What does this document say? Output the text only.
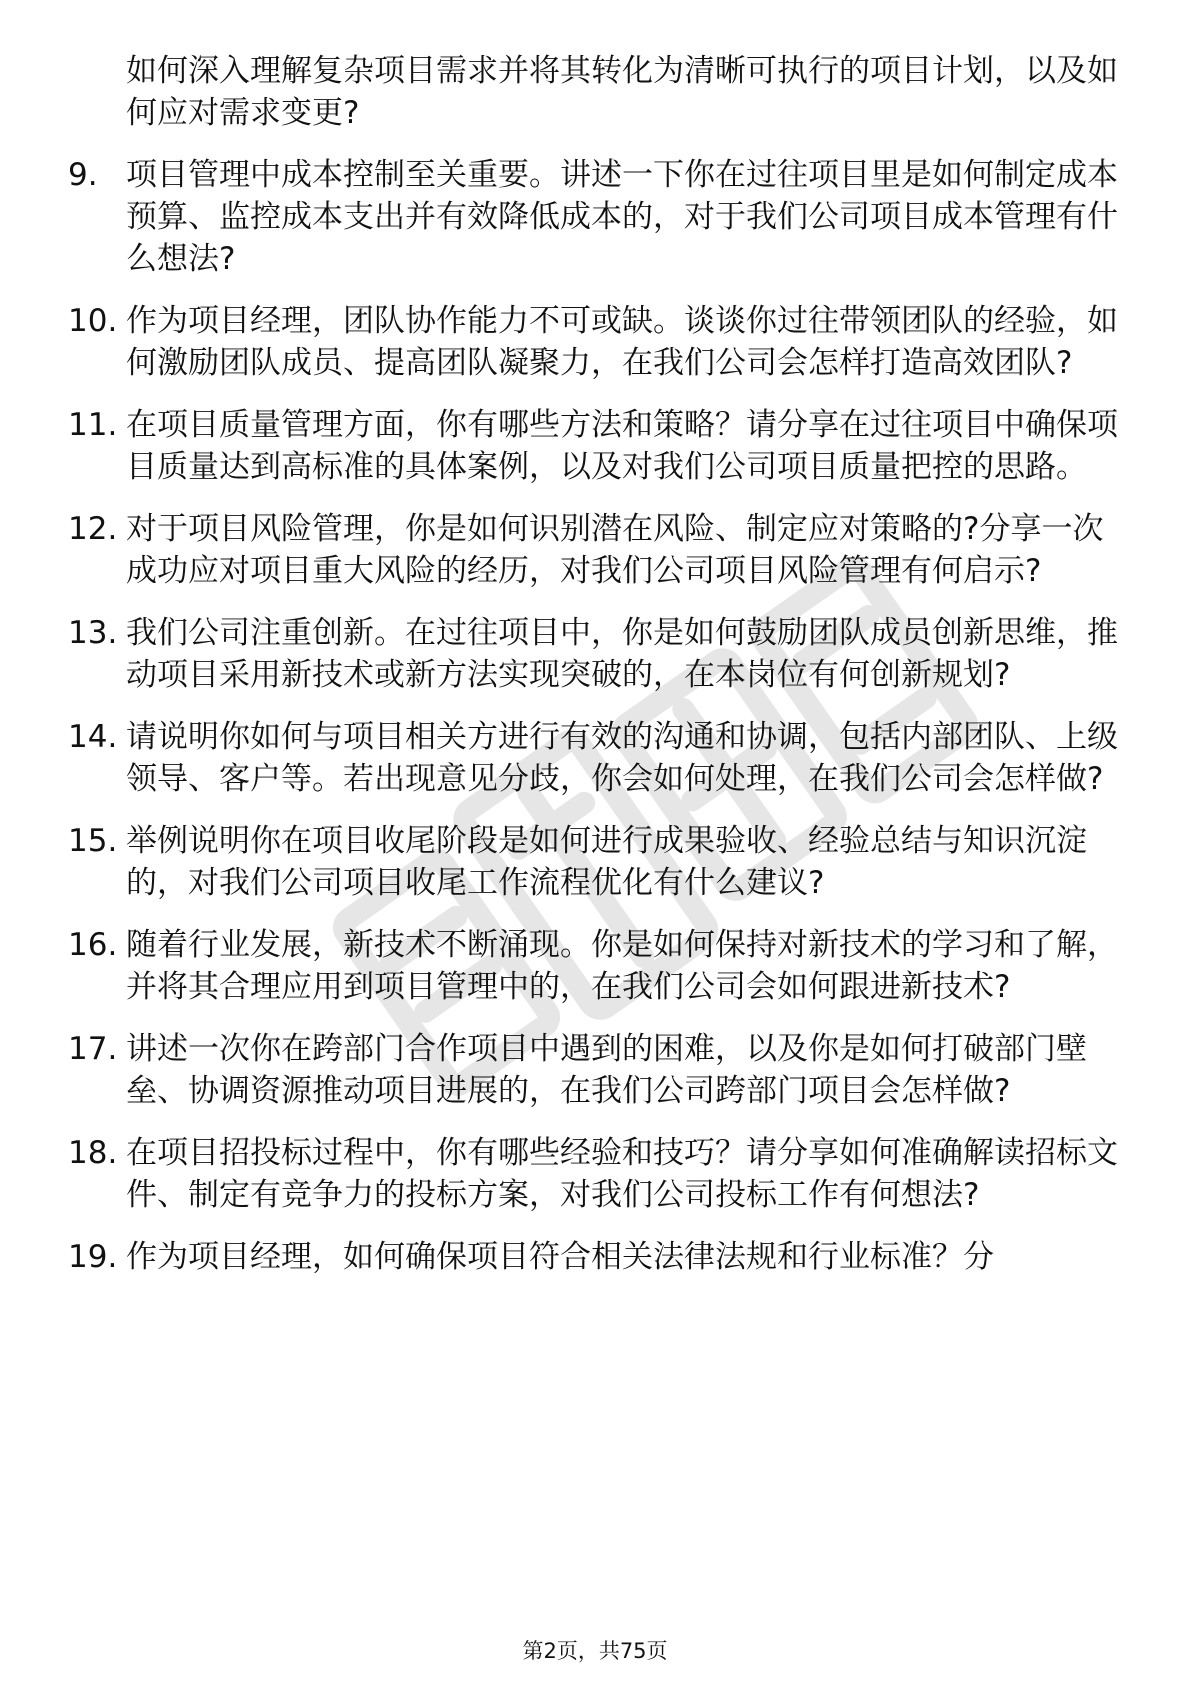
如何深入理解复杂项目需求并将其转化为清晰可执行的项目计划，以及如何应对需求变更?
9. 项目管理中成本控制至关重要。讲述一下你在过往项目里是如何制定成本预算、监控成本支出并有效降低成本的，对于我们公司项目成本管理有什么想法?
10. 作为项目经理，团队协作能力不可或缺。谈谈你过往带领团队的经验，如何激励团队成员、提高团队凝聚力，在我们公司会怎样打造高效团队?
11. 在项目质量管理方面，你有哪些方法和策略？请分享在过往项目中确保项目质量达到高标准的具体案例，以及对我们公司项目质量把控的思路。
12. 对于项目风险管理，你是如何识别潜在风险、制定应对策略的?分享一次成功应对项目重大风险的经历，对我们公司项目风险管理有何启示?
13. 我们公司注重创新。在过往项目中，你是如何鼓励团队成员创新思维，推动项目采用新技术或新方法实现突破的，在本岗位有何创新规划?
14. 请说明你如何与项目相关方进行有效的沟通和协调，包括内部团队、上级领导、客户等。若出现意见分歧，你会如何处理，在我们公司会怎样做?
15. 举例说明你在项目收尾阶段是如何进行成果验收、经验总结与知识沉淀的，对我们公司项目收尾工作流程优化有什么建议?
16. 随着行业发展，新技术不断涌现。你是如何保持对新技术的学习和了解，并将其合理应用到项目管理中的，在我们公司会如何跟进新技术?
17. 讲述一次你在跨部门合作项目中遇到的困难，以及你是如何打破部门壁垒、协调资源推动项目进展的，在我们公司跨部门项目会怎样做?
18. 在项目招投标过程中，你有哪些经验和技巧？请分享如何准确解读招标文件、制定有竞争力的投标方案，对我们公司投标工作有何想法?
19. 作为项目经理，如何确保项目符合相关法律法规和行业标准？分
第2页，共75页
